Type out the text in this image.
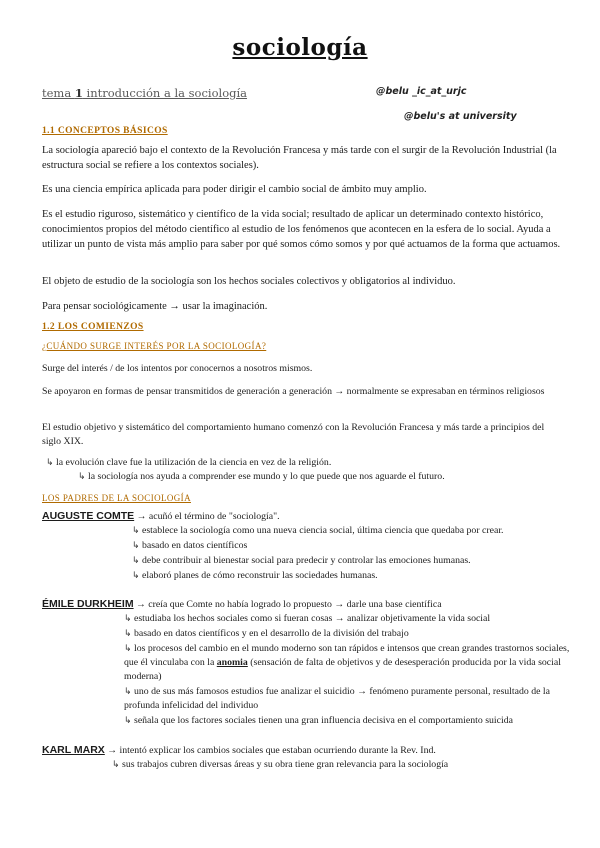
sociología
tema 1 introducción a la sociología	@belu _ic_at_urjc
@belu's at university
1.1 CONCEPTOS BÁSICOS
La sociología apareció bajo el contexto de la Revolución Francesa y más tarde con el surgir de la Revolución Industrial (la estructura social se refiere a los contextos sociales).
Es una ciencia empírica aplicada para poder dirigir el cambio social de ámbito muy amplio.
Es el estudio riguroso, sistemático y científico de la vida social; resultado de aplicar un determinado contexto histórico, conocimientos propios del método científico al estudio de los fenómenos que acontecen en la esfera de lo social. Ayuda a utilizar un punto de vista más amplio para saber por qué somos cómo somos y por qué actuamos de la forma que actuamos.
El objeto de estudio de la sociología son los hechos sociales colectivos y obligatorios al individuo.
Para pensar sociológicamente → usar la imaginación.
1.2 LOS COMIENZOS
¿CUÁNDO SURGE INTERÉS POR LA SOCIOLOGÍA?
Surge del interés / de los intentos por conocernos a nosotros mismos.
Se apoyaron en formas de pensar transmitidos de generación a generación → normalmente se expresaban en términos religiosos
El estudio objetivo y sistemático del comportamiento humano comenzó con la Revolución Francesa y más tarde a principios del siglo XIX.
↳ la evolución clave fue la utilización de la ciencia en vez de la religión.
↳ la sociología nos ayuda a comprender ese mundo y lo que puede que nos aguarde el futuro.
LOS PADRES DE LA SOCIOLOGÍA
AUGUSTE COMTE → acuñó el término de "sociología".
↳ establece la sociología como una nueva ciencia social, última ciencia que quedaba por crear.
↳ basado en datos científicos
↳ debe contribuir al bienestar social para predecir y controlar las emociones humanas.
↳ elaboró planes de cómo reconstruir las sociedades humanas.
ÉMILE DURKHEIM → creía que Comte no había logrado lo propuesto → darle una base científica
↳ estudiaba los hechos sociales como si fueran cosas → analizar objetivamente la vida social
↳ basado en datos científicos y en el desarrollo de la división del trabajo
↳ los procesos del cambio en el mundo moderno son tan rápidos e intensos que crean grandes trastornos sociales, que él vinculaba con la anomia (sensación de falta de objetivos y de desesperación producida por la vida social moderna)
↳ uno de sus más famosos estudios fue analizar el suicidio → fenómeno puramente personal, resultado de la profunda infelicidad del individuo
↳ señala que los factores sociales tienen una gran influencia decisiva en el comportamiento suicida
KARL MARX → intentó explicar los cambios sociales que estaban ocurriendo durante la Rev. Ind.
↳ sus trabajos cubren diversas áreas y su obra tiene gran relevancia para la sociología
